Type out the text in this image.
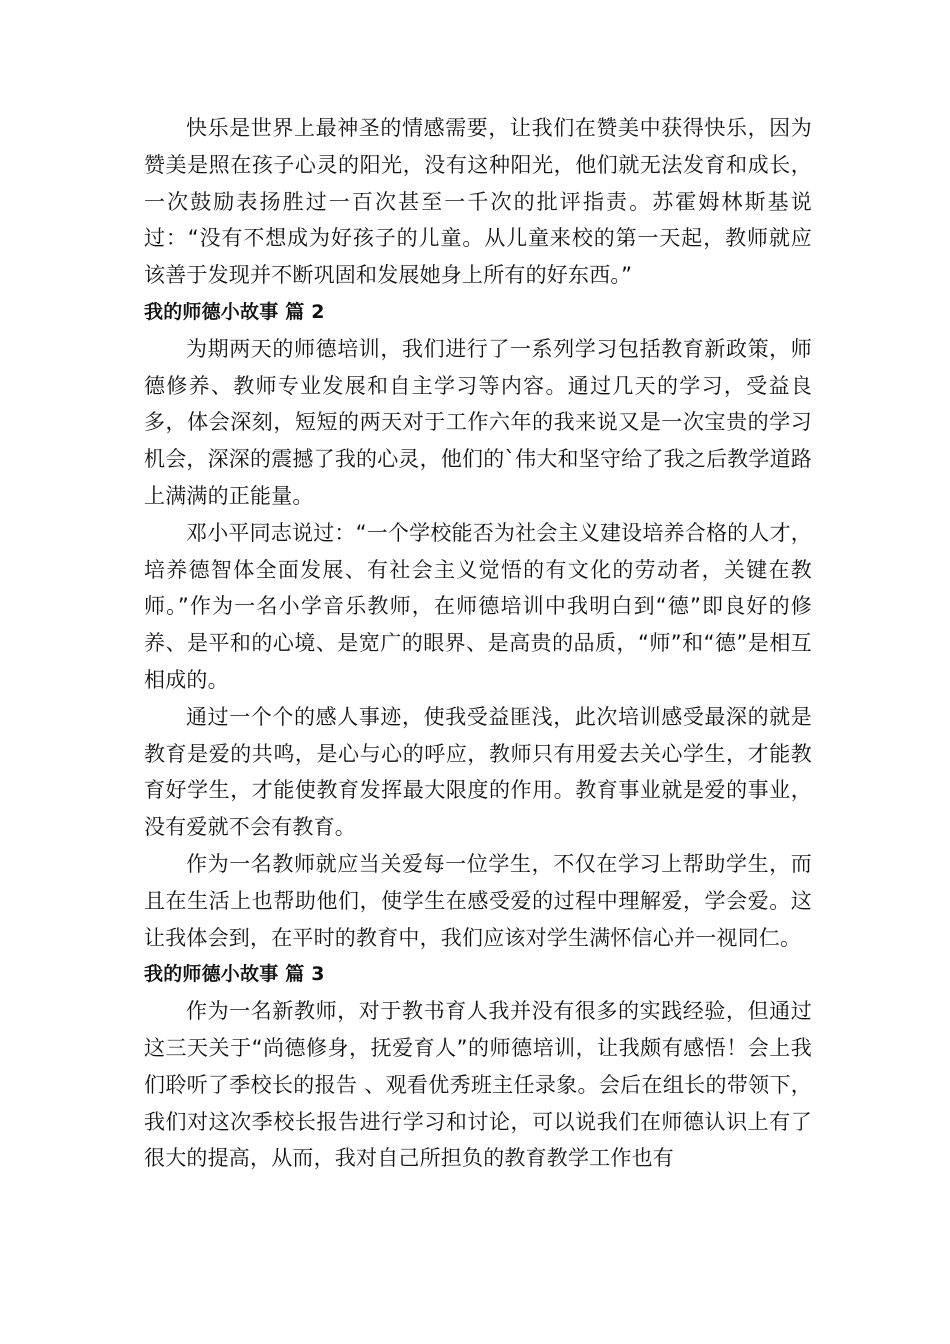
快乐是世界上最神圣的情感需要，让我们在赞美中获得快乐，因为赞美是照在孩子心灵的阳光，没有这种阳光，他们就无法发育和成长，一次鼓励表扬胜过一百次甚至一千次的批评指责。苏霍姆林斯基说过：“没有不想成为好孩子的儿童。从儿童来校的第一天起，教师就应该善于发现并不断巩固和发展她身上所有的好东西。”

我的师德小故事 篇 2

为期两天的师德培训，我们进行了一系列学习包括教育新政策，师德修养、教师专业发展和自主学习等内容。通过几天的学习，受益良多，体会深刻，短短的两天对于工作六年的我来说又是一次宝贵的学习机会，深深的震撼了我的心灵，他们的`伟大和坚守给了我之后教学道路上满满的正能量。

邓小平同志说过：“一个学校能否为社会主义建设培养合格的人才，培养德智体全面发展、有社会主义觉悟的有文化的劳动者，关键在教师。”作为一名小学音乐教师，在师德培训中我明白到“德”即良好的修养、是平和的心境、是宽广的眼界、是高贵的品质，“师”和“德”是相互相成的。

通过一个个的感人事迹，使我受益匪浅，此次培训感受最深的就是教育是爱的共鸣，是心与心的呼应，教师只有用爱去关心学生，才能教育好学生，才能使教育发挥最大限度的作用。教育事业就是爱的事业，没有爱就不会有教育。

作为一名教师就应当关爱每一位学生，不仅在学习上帮助学生，而且在生活上也帮助他们，使学生在感受爱的过程中理解爱，学会爱。这让我体会到，在平时的教育中，我们应该对学生满怀信心并一视同仁。

我的师德小故事 篇 3

作为一名新教师，对于教书育人我并没有很多的实践经验，但通过这三天关于“尚德修身，抚爱育人”的师德培训，让我颇有感悟！会上我们聆听了季校长的报告 、观看优秀班主任录象。会后在组长的带领下，我们对这次季校长报告进行学习和讨论，可以说我们在师德认识上有了很大的提高，从而，我对自己所担负的教育教学工作也有
